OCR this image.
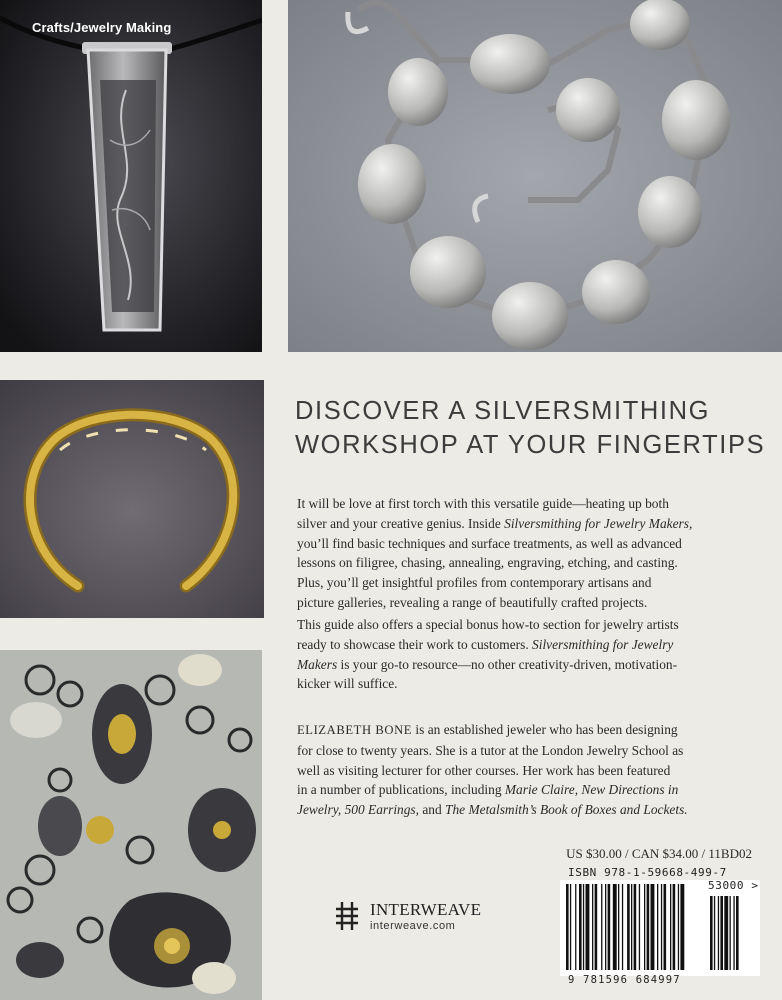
Crafts/Jewelry Making
DISCOVER A SILVERSMITHING
WORKSHOP AT YOUR FINGERTIPS
It will be love at first torch with this versatile guide—heating up both
silver and your creative genius. Inside Silversmithing for Jewelry Makers,
you’ll find basic techniques and surface treatments, as well as advanced
lessons on filigree, chasing, annealing, engraving, etching, and casting.
Plus, you’ll get insightful profiles from contemporary artisans and
picture galleries, revealing a range of beautifully crafted projects.
This guide also offers a special bonus how-to section for jewelry artists
ready to showcase their work to customers. Silversmithing for Jewelry
Makers is your go-to resource—no other creativity-driven, motivation-
kicker will suffice.
ELIZABETH BONE is an established jeweler who has been designing
for close to twenty years. She is a tutor at the London Jewelry School as
well as visiting lecturer for other courses. Her work has been featured
in a number of publications, including Marie Claire, New Directions in
Jewelry, 500 Earrings, and The Metalsmith’s Book of Boxes and Lockets.
US $30.00 / CAN $34.00 / 11BD02
ISBN 978-1-59668-499-7
53000 >
9 781596 684997
INTERWEAVE
interweave.com
